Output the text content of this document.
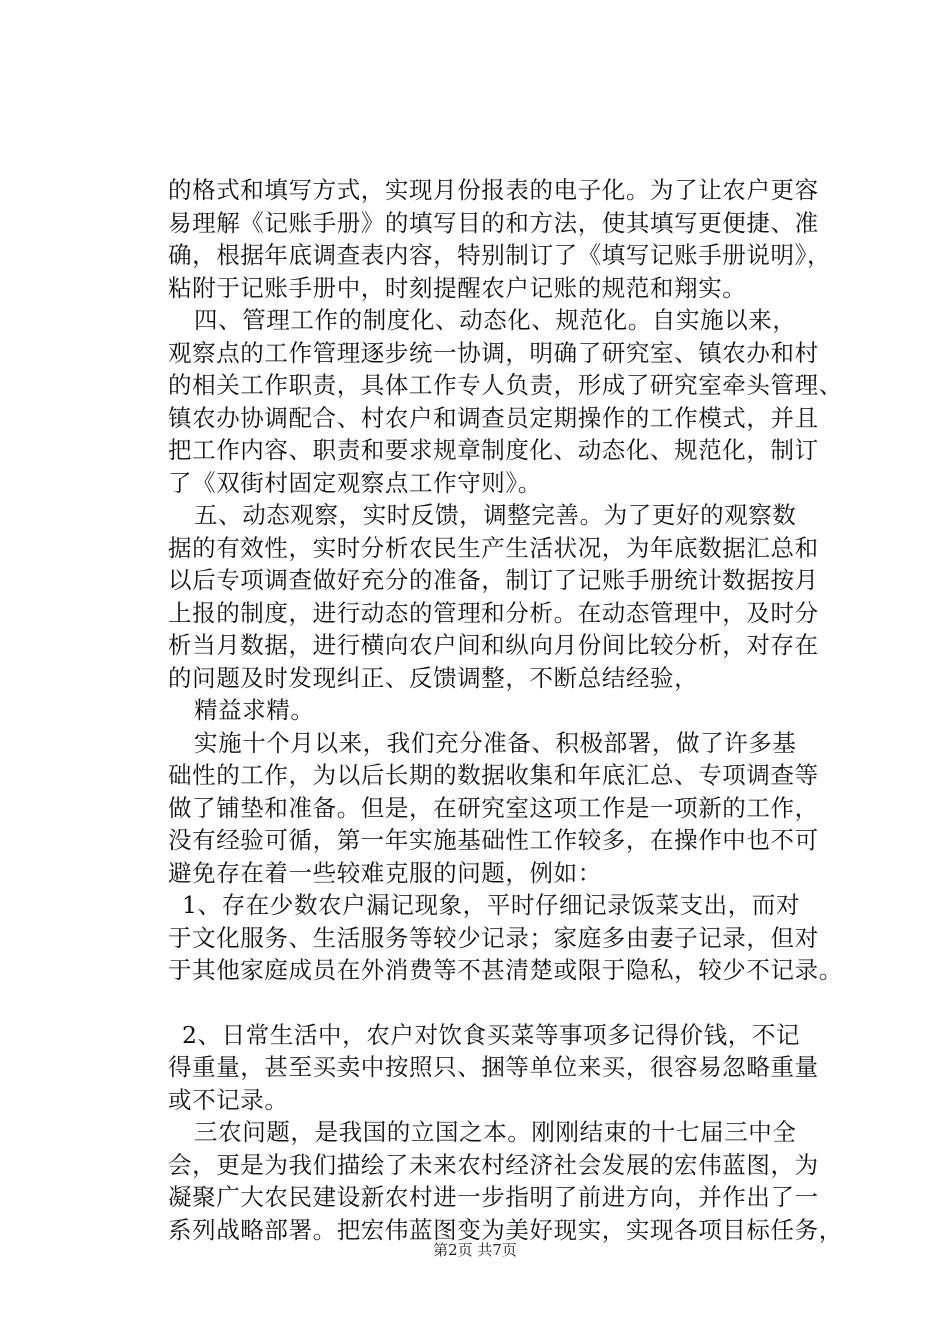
的格式和填写方式，实现月份报表的电子化。为了让农户更容
易理解《记账手册》的填写目的和方法，使其填写更便捷、准
确，根据年底调查表内容，特别制订了《填写记账手册说明》，
粘附于记账手册中，时刻提醒农户记账的规范和翔实。
四、管理工作的制度化、动态化、规范化。自实施以来，
观察点的工作管理逐步统一协调，明确了研究室、镇农办和村
的相关工作职责，具体工作专人负责，形成了研究室牵头管理、
镇农办协调配合、村农户和调查员定期操作的工作模式，并且
把工作内容、职责和要求规章制度化、动态化、规范化，制订
了《双街村固定观察点工作守则》。
五、动态观察，实时反馈，调整完善。为了更好的观察数
据的有效性，实时分析农民生产生活状况，为年底数据汇总和
以后专项调查做好充分的准备，制订了记账手册统计数据按月
上报的制度，进行动态的管理和分析。在动态管理中，及时分
析当月数据，进行横向农户间和纵向月份间比较分析，对存在
的问题及时发现纠正、反馈调整，不断总结经验，
精益求精。
实施十个月以来，我们充分准备、积极部署，做了许多基
础性的工作，为以后长期的数据收集和年底汇总、专项调查等
做了铺垫和准备。但是，在研究室这项工作是一项新的工作，
没有经验可循，第一年实施基础性工作较多，在操作中也不可
避免存在着一些较难克服的问题，例如：
1、存在少数农户漏记现象，平时仔细记录饭菜支出，而对
于文化服务、生活服务等较少记录；家庭多由妻子记录，但对
于其他家庭成员在外消费等不甚清楚或限于隐私，较少不记录。
2、日常生活中，农户对饮食买菜等事项多记得价钱，不记
得重量，甚至买卖中按照只、捆等单位来买，很容易忽略重量
或不记录。
三农问题，是我国的立国之本。刚刚结束的十七届三中全
会，更是为我们描绘了未来农村经济社会发展的宏伟蓝图，为
凝聚广大农民建设新农村进一步指明了前进方向，并作出了一
系列战略部署。把宏伟蓝图变为美好现实，实现各项目标任务，
第2页 共7页
